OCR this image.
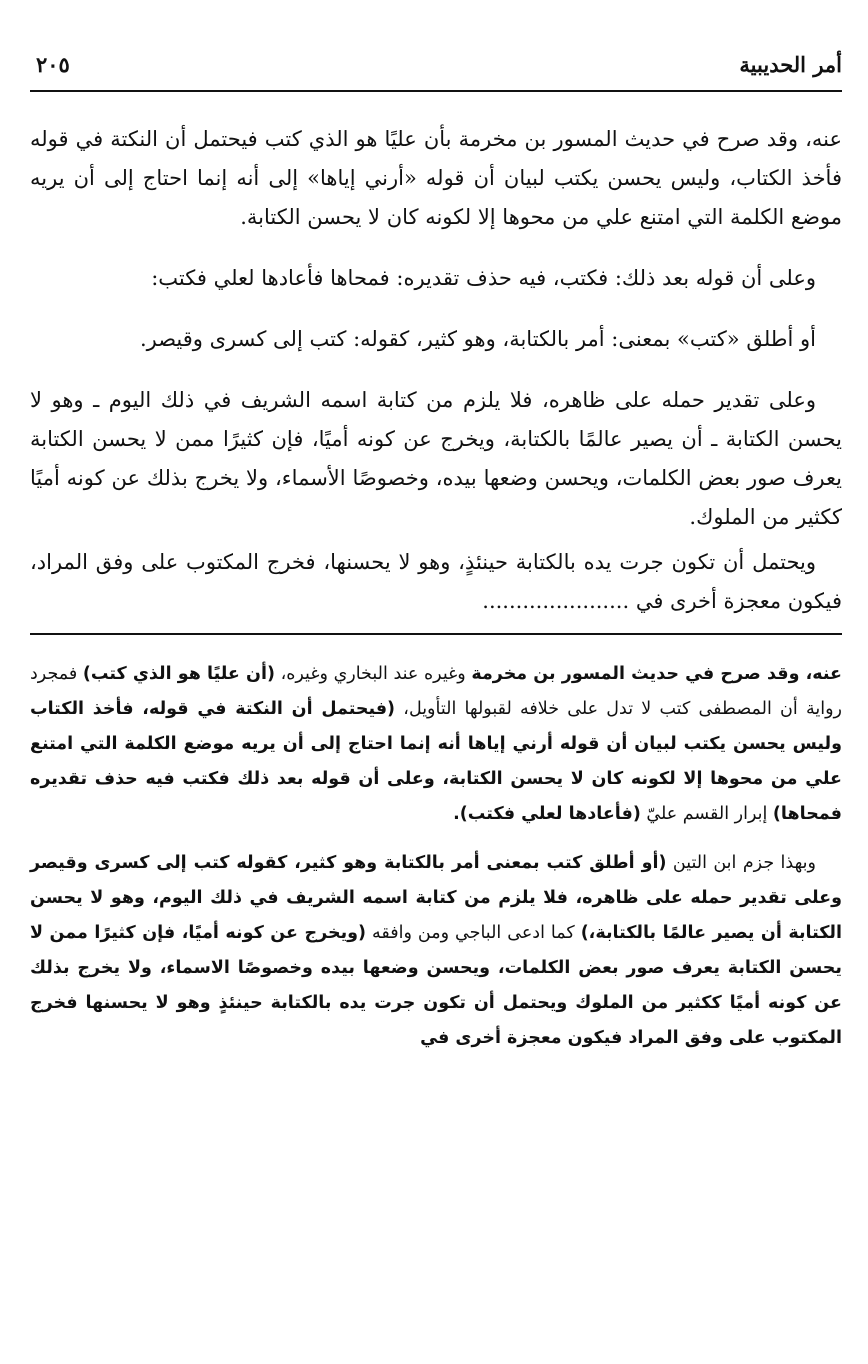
أمر الحديبية
٢٠٥

عنه، وقد صرح في حديث المسور بن مخرمة بأن عليًا هو الذي كتب فيحتمل أن النكتة في قوله فأخذ الكتاب، وليس يحسن يكتب لبيان أن قوله «أرني إياها» إلى أنه إنما احتاج إلى أن يريه موضع الكلمة التي امتنع علي من محوها إلا لكونه كان لا يحسن الكتابة.

وعلى أن قوله بعد ذلك: فكتب، فيه حذف تقديره: فمحاها فأعادها لعلي فكتب:

أو أطلق «كتب» بمعنى: أمر بالكتابة، وهو كثير، كقوله: كتب إلى كسرى وقيصر.

وعلى تقدير حمله على ظاهره، فلا يلزم من كتابة اسمه الشريف في ذلك اليوم ـ وهو لا يحسن الكتابة ـ أن يصير عالمًا بالكتابة، ويخرج عن كونه أميًا، فإن كثيرًا ممن لا يحسن الكتابة يعرف صور بعض الكلمات، ويحسن وضعها بيده، وخصوصًا الأسماء، ولا يخرج بذلك عن كونه أميًا ككثير من الملوك.

ويحتمل أن تكون جرت يده بالكتابة حينئذٍ، وهو لا يحسنها، فخرج المكتوب على وفق المراد، فيكون معجزة أخرى في ......................

عنه، وقد صرح في حديث المسور بن مخرمة وغيره عند البخاري وغيره، (أن عليًا هو الذي كتب) فمجرد رواية أن المصطفى كتب لا تدل على خلافه لقبولها التأويل، (فيحتمل أن النكتة في قوله، فأخذ الكتاب وليس يحسن يكتب لبيان أن قوله أرني إياها أنه إنما احتاج إلى أن يريه موضع الكلمة التي امتنع علي من محوها إلا لكونه كان لا يحسن الكتابة، وعلى أن قوله بعد ذلك فكتب فيه حذف تقديره فمحاها) إبرار القسم عليّ (فأعادها لعلي فكتب).

وبهذا جزم ابن التين (أو أطلق كتب بمعنى أمر بالكتابة وهو كثير، كقوله كتب إلى كسرى وقيصر وعلى تقدير حمله على ظاهره، فلا يلزم من كتابة اسمه الشريف في ذلك اليوم، وهو لا يحسن الكتابة أن يصير عالمًا بالكتابة،) كما ادعى الباجي ومن وافقه (ويخرج عن كونه أميًا، فإن كثيرًا ممن لا يحسن الكتابة يعرف صور بعض الكلمات، ويحسن وضعها بيده وخصوصًا الاسماء، ولا يخرج بذلك عن كونه أميًا ككثير من الملوك ويحتمل أن تكون جرت يده بالكتابة حينئذٍ وهو لا يحسنها فخرج المكتوب على وفق المراد فيكون معجزة أخرى في
